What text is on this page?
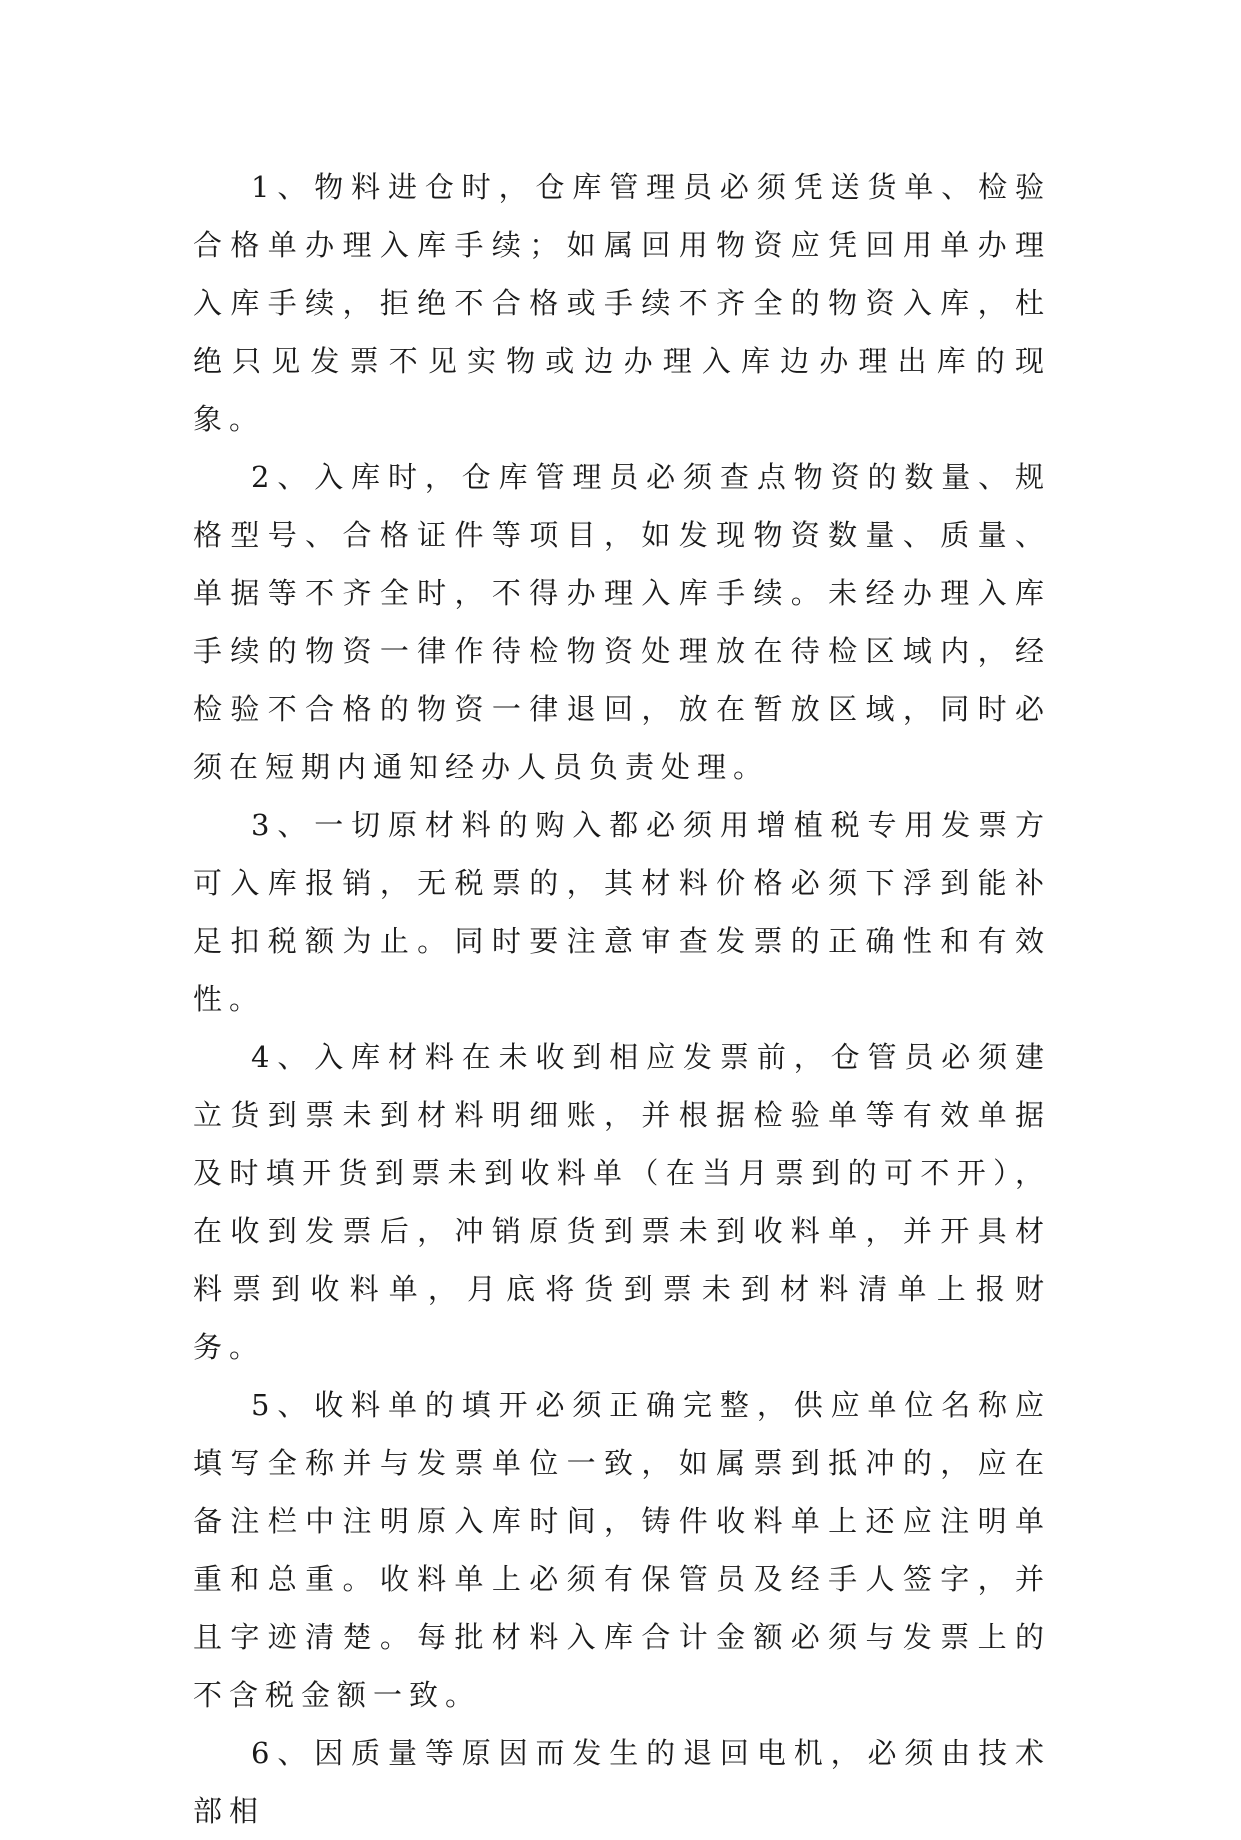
1、物料进仓时，仓库管理员必须凭送货单、检验合格单办理入库手续；如属回用物资应凭回用单办理入库手续，拒绝不合格或手续不齐全的物资入库，杜绝只见发票不见实物或边办理入库边办理出库的现象。

2、入库时，仓库管理员必须查点物资的数量、规格型号、合格证件等项目，如发现物资数量、质量、单据等不齐全时，不得办理入库手续。未经办理入库手续的物资一律作待检物资处理放在待检区域内，经检验不合格的物资一律退回，放在暂放区域，同时必须在短期内通知经办人员负责处理。

3、一切原材料的购入都必须用增植税专用发票方可入库报销，无税票的，其材料价格必须下浮到能补足扣税额为止。同时要注意审查发票的正确性和有效性。

4、入库材料在未收到相应发票前，仓管员必须建立货到票未到材料明细账，并根据检验单等有效单据及时填开货到票未到收料单（在当月票到的可不开），在收到发票后，冲销原货到票未到收料单，并开具材料票到收料单，月底将货到票未到材料清单上报财务。

5、收料单的填开必须正确完整，供应单位名称应填写全称并与发票单位一致，如属票到抵冲的，应在备注栏中注明原入库时间，铸件收料单上还应注明单重和总重。收料单上必须有保管员及经手人签字，并且字迹清楚。每批材料入库合计金额必须与发票上的不含税金额一致。

6、因质量等原因而发生的退回电机，必须由技术部相
